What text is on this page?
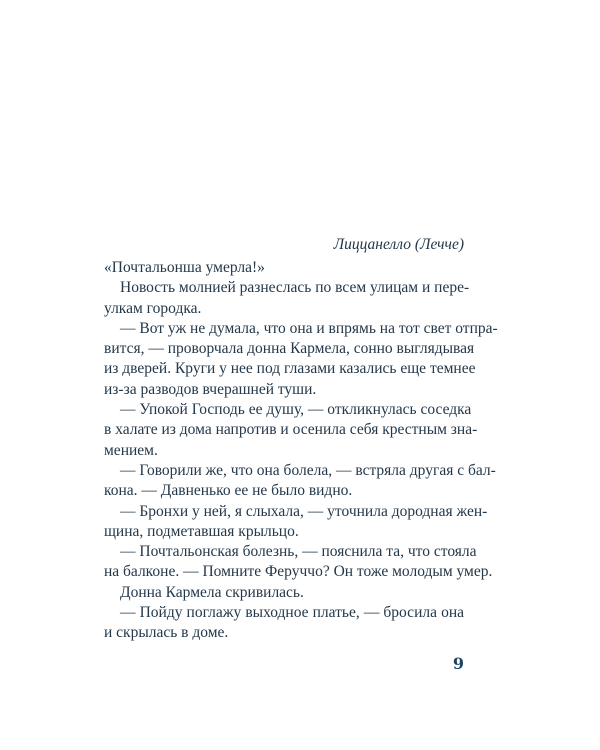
Лиццанелло (Лечче)
«Почтальонша умерла!»
Новость молнией разнеслась по всем улицам и пере-
улкам городка.
— Вот уж не думала, что она и впрямь на тот свет отпра-
вится, — проворчала донна Кармела, сонно выглядывая
из дверей. Круги у нее под глазами казались еще темнее
из-за разводов вчерашней туши.
— Упокой Господь ее душу, — откликнулась соседка
в халате из дома напротив и осенила себя крестным зна-
мением.
— Говорили же, что она болела, — встряла другая с бал-
кона. — Давненько ее не было видно.
— Бронхи у ней, я слыхала, — уточнила дородная жен-
щина, подметавшая крыльцо.
— Почтальонская болезнь, — пояснила та, что стояла
на балконе. — Помните Феруччо? Он тоже молодым умер.
Донна Кармела скривилась.
— Пойду поглажу выходное платье, — бросила она
и скрылась в доме.
9
